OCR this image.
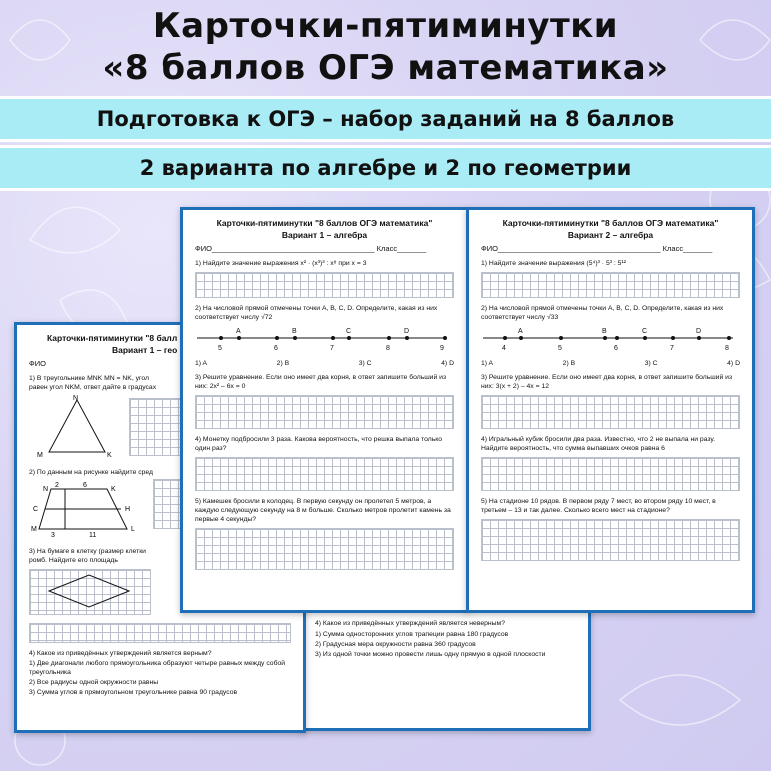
Карточки-пятиминутки
«8 баллов ОГЭ математика»
Подготовка к ОГЭ – набор заданий на 8 баллов
2 варианта по алгебре и 2 по геометрии
4) Какое из приведённых утверждений является неверным?
1) Сумма односторонних углов трапеции равна 180 градусов
2) Градусная мера окружности равна 360 градусов
3) Из одной точки можно провести лишь одну прямую в одной плоскости
Карточки-пятиминутки "8 балл
Вариант 1 – гео
ФИО
1) В треугольнике MNK MN = NK, угол
равен угол NKM, ответ дайте в градусах
N
M	K
2) По данным на рисунке найдите сред
N
2	6
K
C	H
M
3	11
L
3) На бумаге в клетку (размер клетки
ромб. Найдите его площадь
4) Какое из приведённых утверждений является верным?
1) Две диагонали любого прямоугольника образуют четыре равных между собой треугольника
2) Все радиусы одной окружности равны
3) Сумма углов в прямоугольном треугольнике равна 90 градусов
Карточки-пятиминутки "8 баллов ОГЭ математика"
Вариант 1 – алгебра
ФИО_______________________________________ Класс_______
1) Найдите значение выражения x² · (x³)³ : x⁸ при x = 3
2) На числовой прямой отмечены точки A, B, C, D. Определите, какая из них соответствует числу √72
5	6	7	8	9
A	B	C	D
1) A	2) B	3) C	4) D
3) Решите уравнение. Если оно имеет два корня, в ответ запишите больший из них: 2x² – 6x = 0
4) Монетку подбросили 3 раза. Какова вероятность, что решка выпала только один раз?
5) Камешек бросили в колодец. В первую секунду он пролетел 5 метров, а каждую следующую секунду на 8 м больше. Сколько метров пролетит камень за первые 4 секунды?
Карточки-пятиминутки "8 баллов ОГЭ математика"
Вариант 2 – алгебра
ФИО_______________________________________ Класс_______
1) Найдите значение выражения (5⁴)³ · 5³ : 5¹²
2) На числовой прямой отмечены точки A, B, C, D. Определите, какая из них соответствует числу √33
4	5	6	7	8
A	B	C	D
1) A	2) B	3) C	4) D
3) Решите уравнение. Если оно имеет два корня, в ответ запишите больший из них: 3(x + 2) – 4x = 12
4) Игральный кубик бросили два раза. Известно, что 2 не выпала ни разу. Найдите вероятность, что сумма выпавших очков равна 6
5) На стадионе 10 рядов. В первом ряду 7 мест, во втором ряду 10 мест, в третьем – 13 и так далее. Сколько всего мест на стадионе?
